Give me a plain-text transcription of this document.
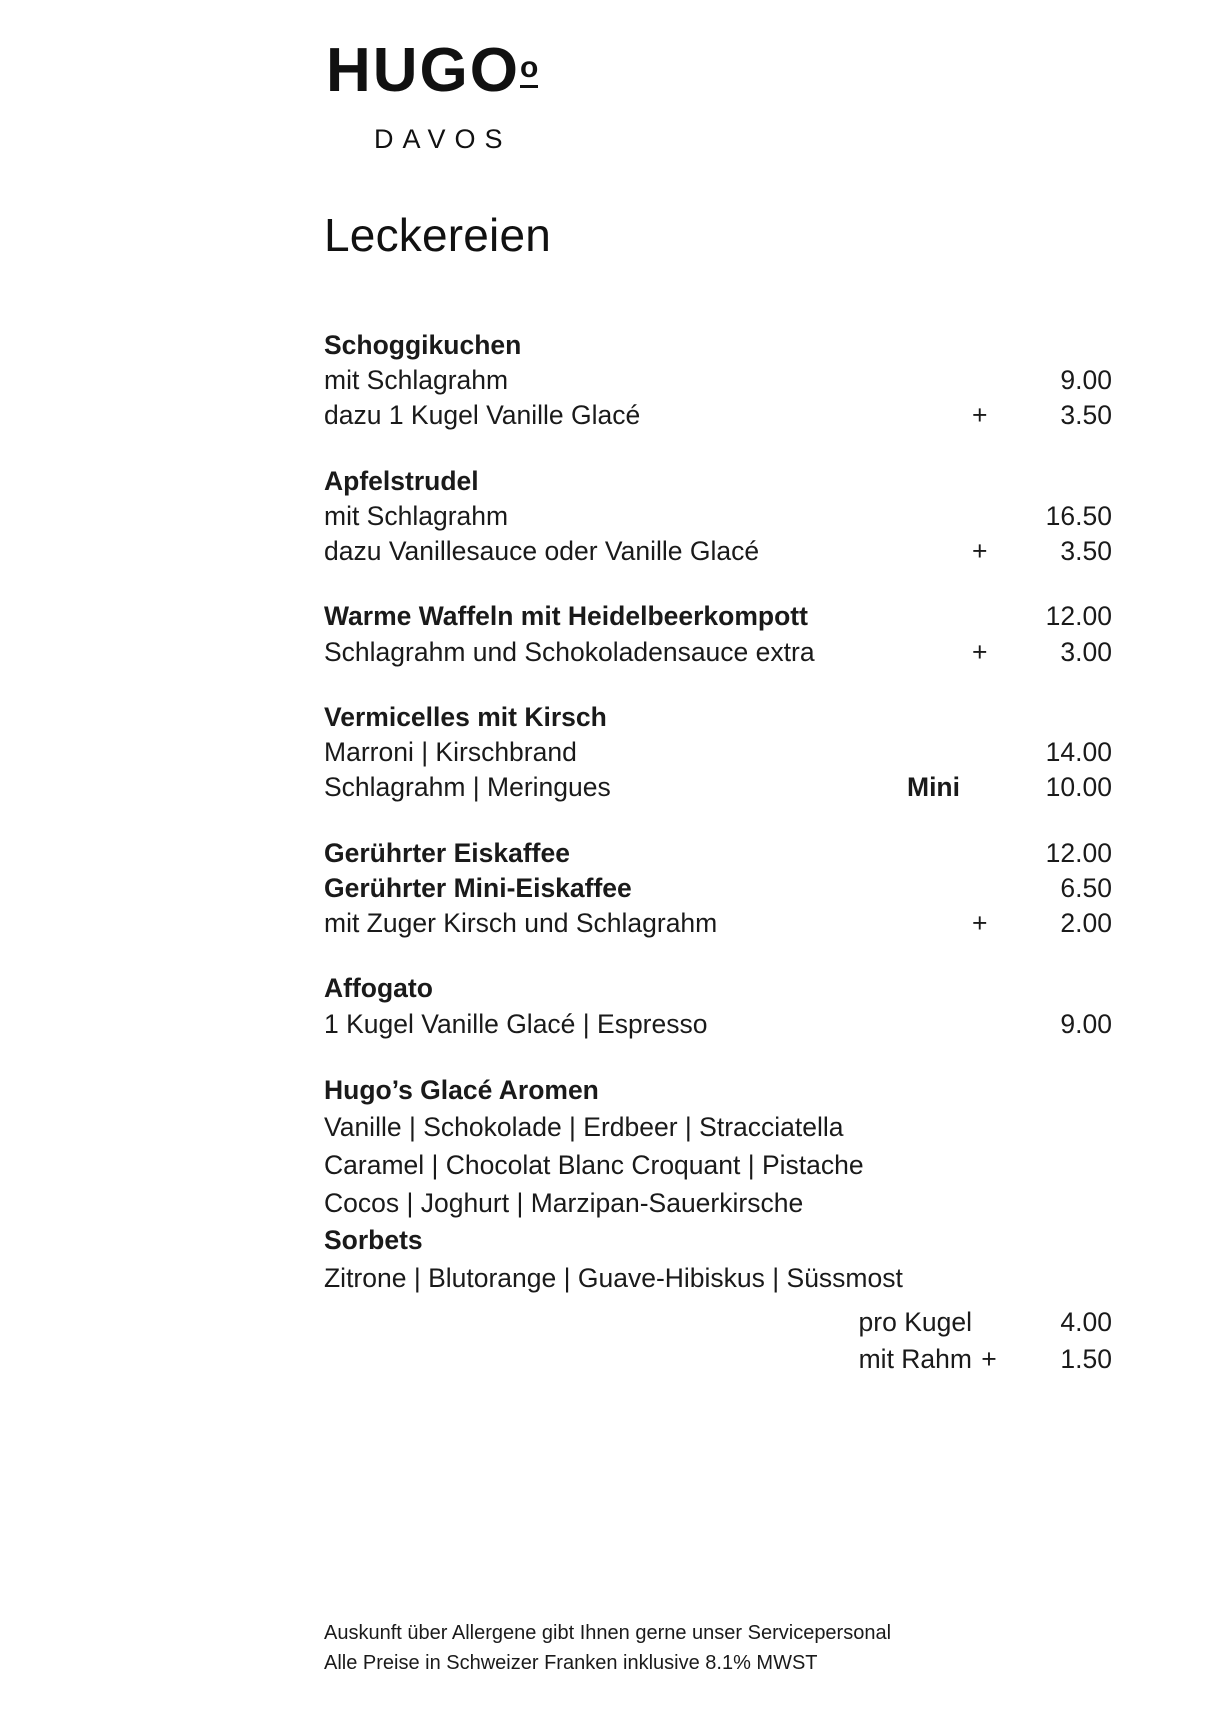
HUGOo
DAVOS
Leckereien
Schoggikuchen
mit Schlagrahm	9.00
dazu 1 Kugel Vanille Glacé	+	3.50
Apfelstrudel
mit Schlagrahm	16.50
dazu Vanillesauce oder Vanille Glacé	+	3.50
Warme Waffeln mit Heidelbeerkompott	12.00
Schlagrahm und Schokoladensauce extra	+	3.00
Vermicelles mit Kirsch
Marroni | Kirschbrand	14.00
Schlagrahm | Meringues	Mini	10.00
Gerührter Eiskaffee	12.00
Gerührter Mini-Eiskaffee	6.50
mit Zuger Kirsch und Schlagrahm	+	2.00
Affogato
1 Kugel Vanille Glacé | Espresso	9.00
Hugo’s Glacé Aromen
Vanille | Schokolade | Erdbeer | Stracciatella
Caramel | Chocolat Blanc Croquant | Pistache
Cocos | Joghurt | Marzipan-Sauerkirsche
Sorbets
Zitrone | Blutorange | Guave-Hibiskus | Süssmost
pro Kugel	4.00
mit Rahm +	1.50
Auskunft über Allergene gibt Ihnen gerne unser Servicepersonal
Alle Preise in Schweizer Franken inklusive 8.1% MWST
